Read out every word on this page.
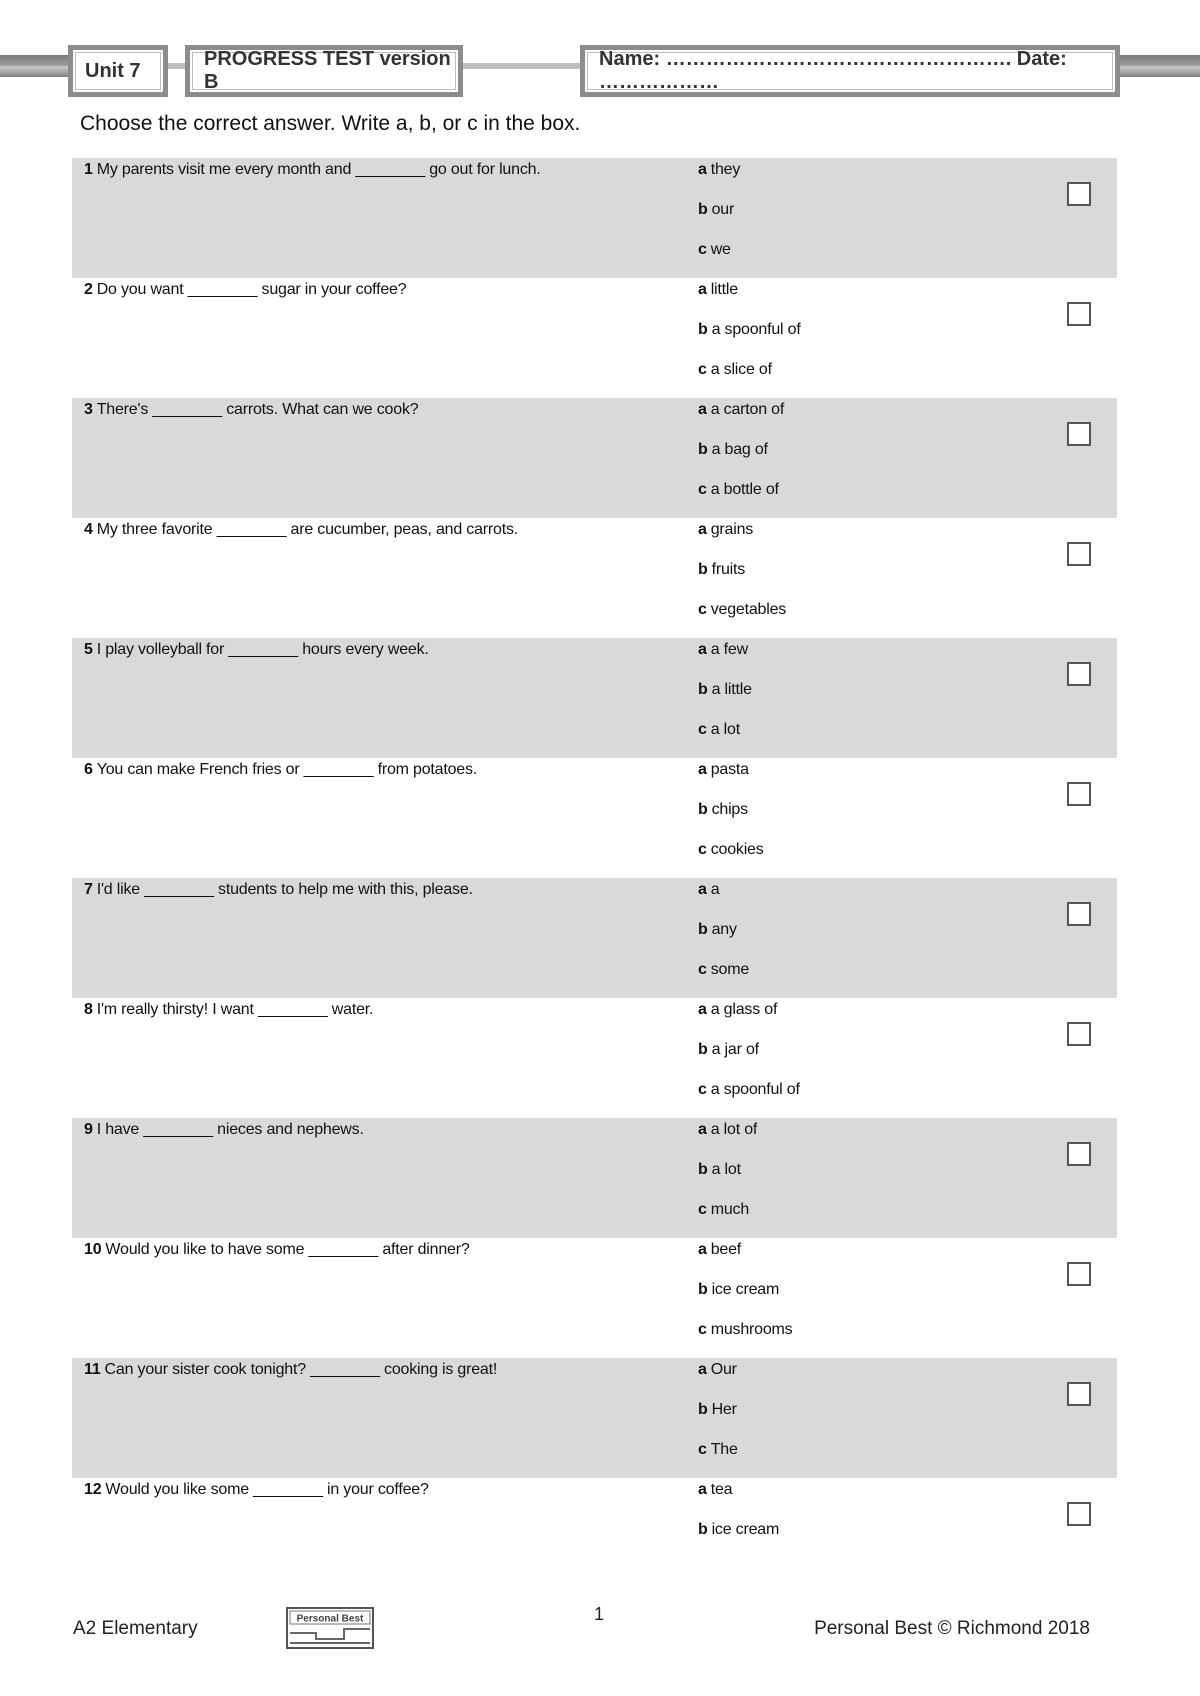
Unit 7
PROGRESS TEST version B
Name: ……………………………………………. Date: ………………
Choose the correct answer. Write a, b, or c in the box.
1 My parents visit me every month and ________ go out for lunch.	a they
b our
c we
2 Do you want ________ sugar in your coffee?	a little
b a spoonful of
c a slice of
3 There's ________ carrots. What can we cook?	a a carton of
b a bag of
c a bottle of
4 My three favorite ________ are cucumber, peas, and carrots.	a grains
b fruits
c vegetables
5 I play volleyball for ________ hours every week.	a a few
b a little
c a lot
6 You can make French fries or ________ from potatoes.	a pasta
b chips
c cookies
7 I'd like ________ students to help me with this, please.	a a
b any
c some
8 I'm really thirsty! I want ________ water.	a a glass of
b a jar of
c a spoonful of
9 I have ________ nieces and nephews.	a a lot of
b a lot
c much
10 Would you like to have some ________ after dinner?	a beef
b ice cream
c mushrooms
11 Can your sister cook tonight? ________ cooking is great!	a Our
b Her
c The
12 Would you like some ________ in your coffee?	a tea
b ice cream
A2 Elementary
1
Personal Best © Richmond 2018
Personal Best
